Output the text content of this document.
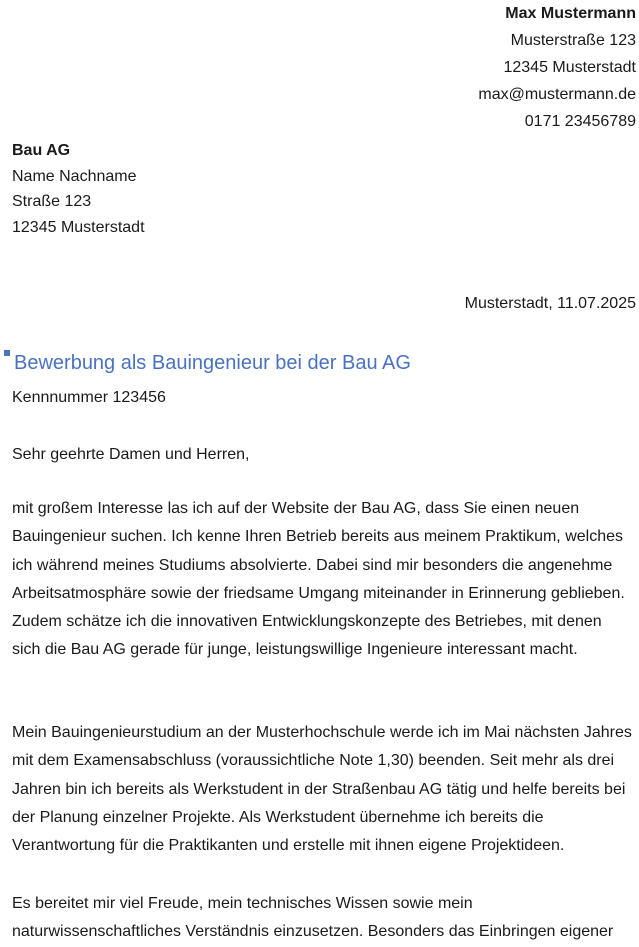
Max Mustermann
Musterstraße 123
12345 Musterstadt
max@mustermann.de
0171 23456789
Bau AG
Name Nachname
Straße 123
12345 Musterstadt
Musterstadt, 11.07.2025
Bewerbung als Bauingenieur bei der Bau AG
Kennnummer 123456
Sehr geehrte Damen und Herren,
mit großem Interesse las ich auf der Website der Bau AG, dass Sie einen neuen Bauingenieur suchen. Ich kenne Ihren Betrieb bereits aus meinem Praktikum, welches ich während meines Studiums absolvierte. Dabei sind mir besonders die angenehme Arbeitsatmosphäre sowie der friedsame Umgang miteinander in Erinnerung geblieben. Zudem schätze ich die innovativen Entwicklungskonzepte des Betriebes, mit denen sich die Bau AG gerade für junge, leistungswillige Ingenieure interessant macht.
Mein Bauingenieurstudium an der Musterhochschule werde ich im Mai nächsten Jahres mit dem Examensabschluss (voraussichtliche Note 1,30) beenden. Seit mehr als drei Jahren bin ich bereits als Werkstudent in der Straßenbau AG tätig und helfe bereits bei der Planung einzelner Projekte. Als Werkstudent übernehme ich bereits die Verantwortung für die Praktikanten und erstelle mit ihnen eigene Projektideen.
Es bereitet mir viel Freude, mein technisches Wissen sowie mein naturwissenschaftliches Verständnis einzusetzen. Besonders das Einbringen eigener
